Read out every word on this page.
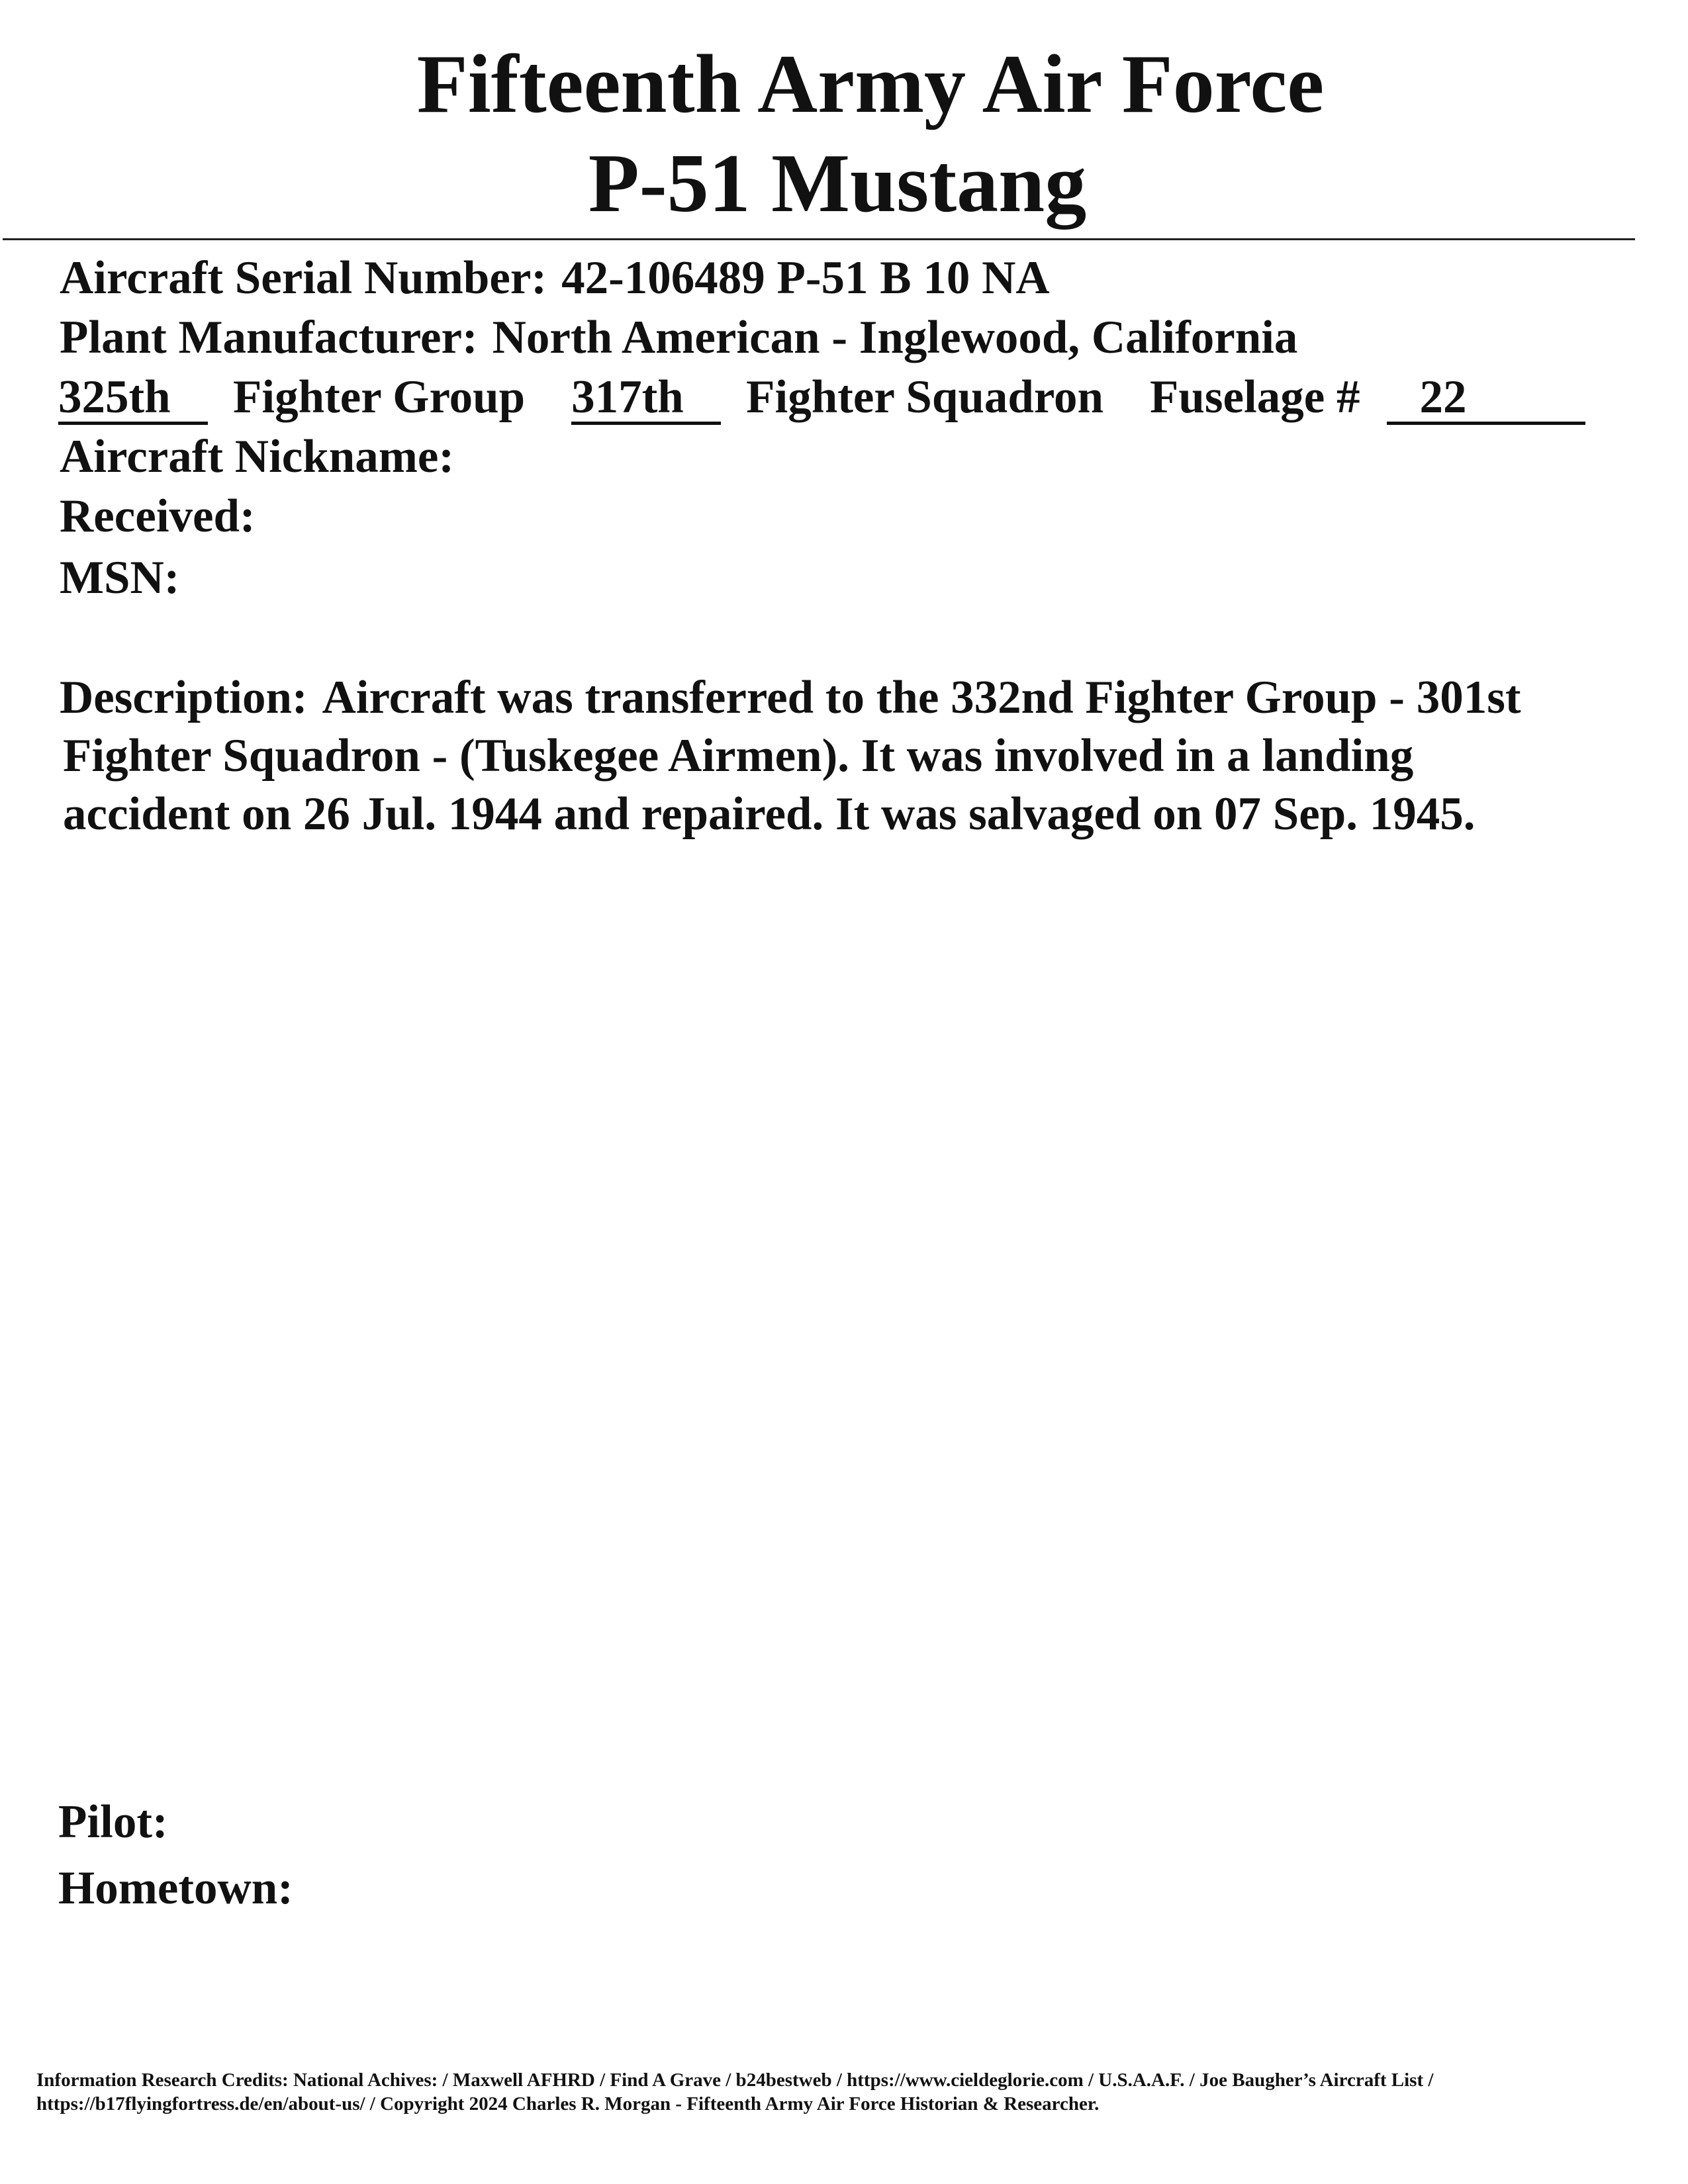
Fifteenth Army Air Force
P-51 Mustang
Aircraft Serial Number: 42-106489 P-51 B 10 NA
Plant Manufacturer: North American - Inglewood, California
325th Fighter Group 317th Fighter Squadron Fuselage # 22
Aircraft Nickname:
Received:
MSN:
Description: Aircraft was transferred to the 332nd Fighter Group - 301st
Fighter Squadron - (Tuskegee Airmen). It was involved in a landing
accident on 26 Jul. 1944 and repaired. It was salvaged on 07 Sep. 1945.
Pilot:
Hometown:
Information Research Credits: National Achives: / Maxwell AFHRD / Find A Grave / b24bestweb / https://www.cieldeglorie.com / U.S.A.A.F. / Joe Baugher’s Aircraft List /
https://b17flyingfortress.de/en/about-us/ / Copyright 2024 Charles R. Morgan - Fifteenth Army Air Force Historian & Researcher.
